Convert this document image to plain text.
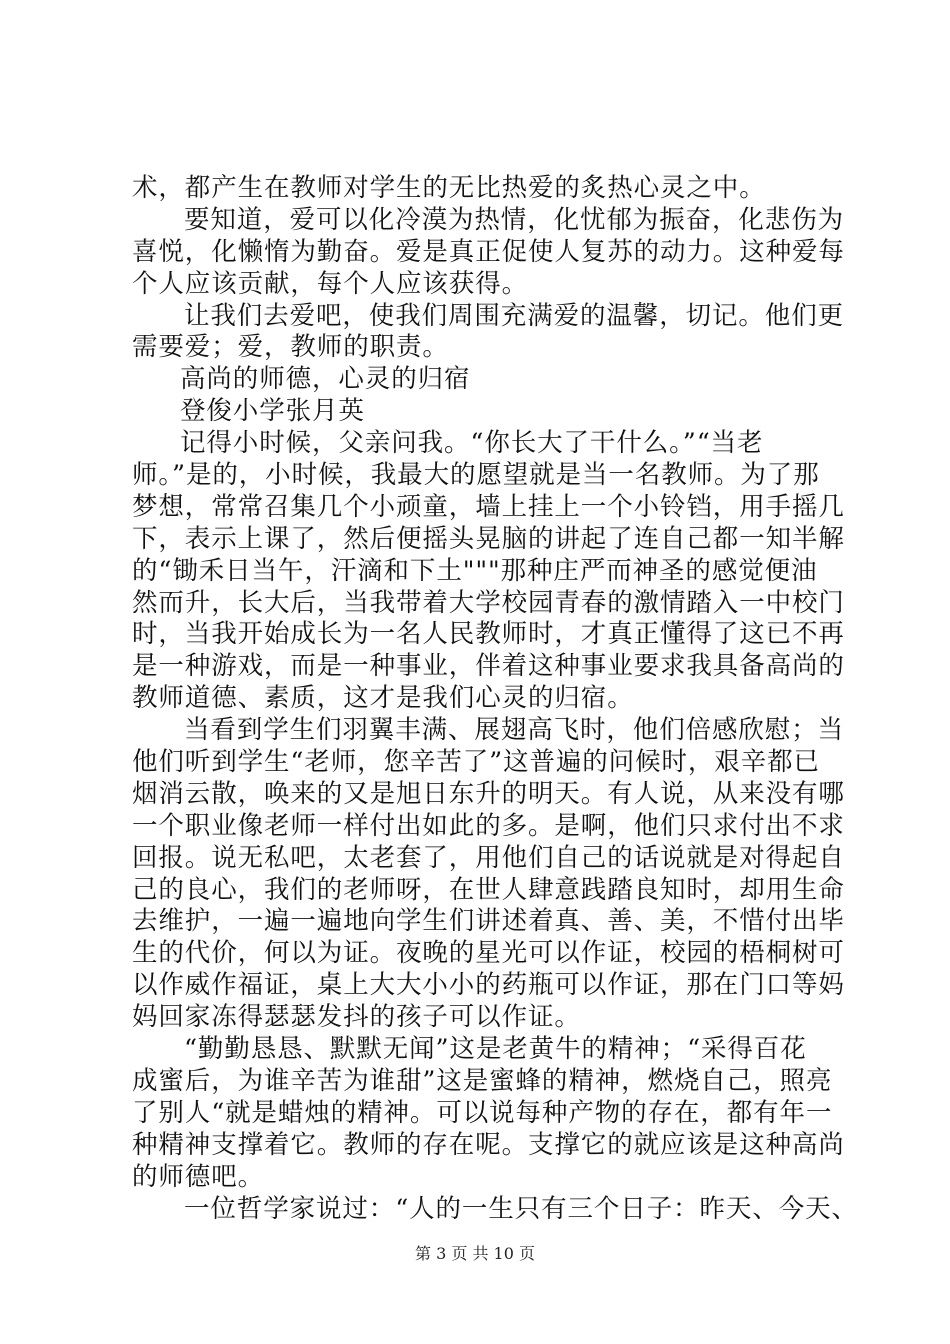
术，都产生在教师对学生的无比热爱的炙热心灵之中。
要知道，爱可以化冷漠为热情，化忧郁为振奋，化悲伤为
喜悦，化懒惰为勤奋。爱是真正促使人复苏的动力。这种爱每
个人应该贡献，每个人应该获得。
让我们去爱吧，使我们周围充满爱的温馨，切记。他们更
需要爱；爱，教师的职责。
高尚的师德，心灵的归宿
登俊小学张月英
记得小时候，父亲问我。“你长大了干什么。”“当老
师。”是的，小时候，我最大的愿望就是当一名教师。为了那
梦想，常常召集几个小顽童，墙上挂上一个小铃铛，用手摇几
下，表示上课了，然后便摇头晃脑的讲起了连自己都一知半解
的“锄禾日当午，汗滴和下土"""那种庄严而神圣的感觉便油
然而升，长大后，当我带着大学校园青春的激情踏入一中校门
时，当我开始成长为一名人民教师时，才真正懂得了这已不再
是一种游戏，而是一种事业，伴着这种事业要求我具备高尚的
教师道德、素质，这才是我们心灵的归宿。
当看到学生们羽翼丰满、展翅高飞时，他们倍感欣慰；当
他们听到学生“老师，您辛苦了”这普遍的问候时，艰辛都已
烟消云散，唤来的又是旭日东升的明天。有人说，从来没有哪
一个职业像老师一样付出如此的多。是啊，他们只求付出不求
回报。说无私吧，太老套了，用他们自己的话说就是对得起自
己的良心，我们的老师呀，在世人肆意践踏良知时，却用生命
去维护，一遍一遍地向学生们讲述着真、善、美，不惜付出毕
生的代价，何以为证。夜晚的星光可以作证，校园的梧桐树可
以作威作福证，桌上大大小小的药瓶可以作证，那在门口等妈
妈回家冻得瑟瑟发抖的孩子可以作证。
“勤勤恳恳、默默无闻”这是老黄牛的精神；“采得百花
成蜜后，为谁辛苦为谁甜”这是蜜蜂的精神，燃烧自己，照亮
了别人“就是蜡烛的精神。可以说每种产物的存在，都有年一
种精神支撑着它。教师的存在呢。支撑它的就应该是这种高尚
的师德吧。
一位哲学家说过：“人的一生只有三个日子：昨天、今天、
第 3 页 共 10 页
